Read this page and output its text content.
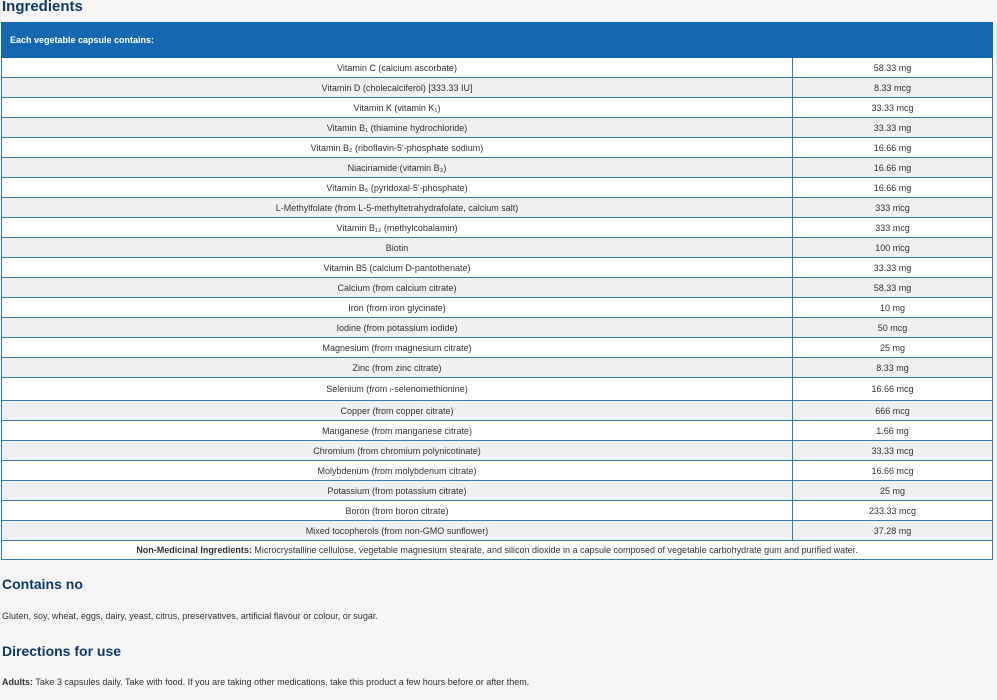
Ingredients
Each vegetable capsule contains:	
Vitamin C (calcium ascorbate)	58.33 mg
Vitamin D (cholecalciferol) [333.33 IU]	8.33 mcg
Vitamin K (vitamin K₁)	33.33 mcg
Vitamin B₁ (thiamine hydrochloride)	33.33 mg
Vitamin B₂ (riboflavin-5'-phosphate sodium)	16.66 mg
Niacinamide (vitamin B₃)	16.66 mg
Vitamin B₆ (pyridoxal-5'-phosphate)	16.66 mg
L-Methylfolate (from L-5-methyltetrahydrafolate, calcium salt)	333 mcg
Vitamin B₁₂ (methylcobalamin)	333 mcg
Biotin	100 mcg
Vitamin B5 (calcium D-pantothenate)	33.33 mg
Calcium (from calcium citrate)	58.33 mg
Iron (from iron glycinate)	10 mg
Iodine (from potassium iodide)	50 mcg
Magnesium (from magnesium citrate)	25 mg
Zinc (from zinc citrate)	8.33 mg
Selenium (from ₗ-selenomethionine)	16.66 mcg
Copper (from copper citrate)	666 mcg
Manganese (from manganese citrate)	1.66 mg
Chromium (from chromium polynicotinate)	33.33 mcg
Molybdenum (from molybdenum citrate)	16.66 mcg
Potassium (from potassium citrate)	25 mg
Boron (from boron citrate)	233.33 mcg
Mixed tocopherols (from non-GMO sunflower)	37.28 mg
Non-Medicinal Ingredients: Microcrystalline cellulose, vegetable magnesium stearate, and silicon dioxide in a capsule composed of vegetable carbohydrate gum and purified water.	
Contains no
Gluten, soy, wheat, eggs, dairy, yeast, citrus, preservatives, artificial flavour or colour, or sugar.
Directions for use
Adults: Take 3 capsules daily. Take with food. If you are taking other medications, take this product a few hours before or after them.
